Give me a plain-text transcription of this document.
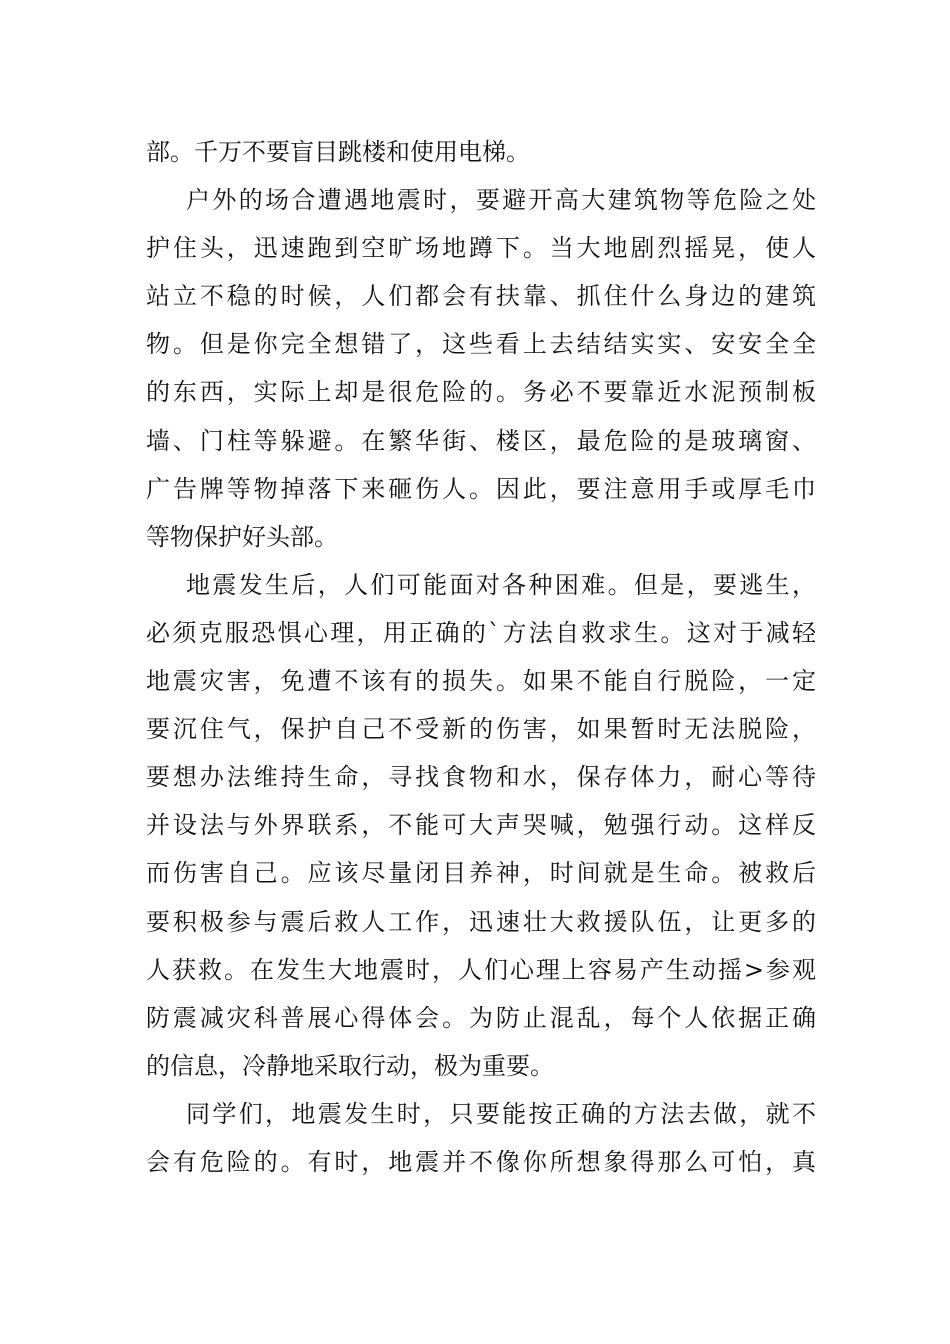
部。千万不要盲目跳楼和使用电梯。
户外的场合遭遇地震时，要避开高大建筑物等危险之处
护住头，迅速跑到空旷场地蹲下。当大地剧烈摇晃，使人
站立不稳的时候，人们都会有扶靠、抓住什么身边的建筑
物。但是你完全想错了，这些看上去结结实实、安安全全
的东西，实际上却是很危险的。务必不要靠近水泥预制板
墙、门柱等躲避。在繁华街、楼区，最危险的是玻璃窗、
广告牌等物掉落下来砸伤人。因此，要注意用手或厚毛巾
等物保护好头部。
地震发生后，人们可能面对各种困难。但是，要逃生，
必须克服恐惧心理，用正确的`方法自救求生。这对于减轻
地震灾害，免遭不该有的损失。如果不能自行脱险，一定
要沉住气，保护自己不受新的伤害，如果暂时无法脱险，
要想办法维持生命，寻找食物和水，保存体力，耐心等待
并设法与外界联系，不能可大声哭喊，勉强行动。这样反
而伤害自己。应该尽量闭目养神，时间就是生命。被救后
要积极参与震后救人工作，迅速壮大救援队伍，让更多的
人获救。在发生大地震时，人们心理上容易产生动摇>参观
防震减灾科普展心得体会。为防止混乱，每个人依据正确
的信息，冷静地采取行动，极为重要。
同学们，地震发生时，只要能按正确的方法去做，就不
会有危险的。有时，地震并不像你所想象得那么可怕，真
